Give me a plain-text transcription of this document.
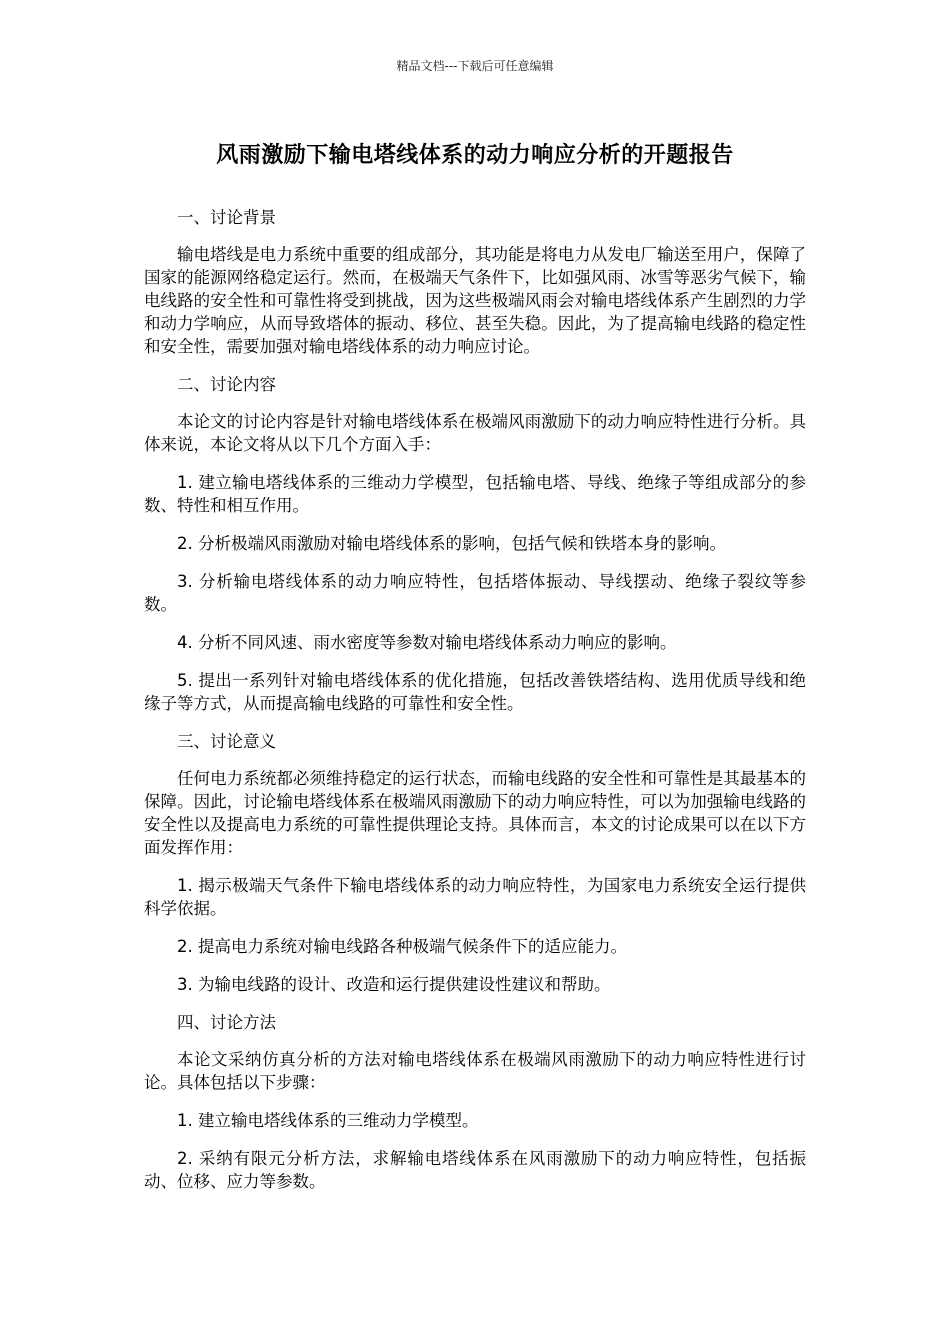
精品文档---下载后可任意编辑
风雨激励下输电塔线体系的动力响应分析的开题报告

一、讨论背景

输电塔线是电力系统中重要的组成部分，其功能是将电力从发电厂输送至用户，保障了国家的能源网络稳定运行。然而，在极端天气条件下，比如强风雨、冰雪等恶劣气候下，输电线路的安全性和可靠性将受到挑战，因为这些极端风雨会对输电塔线体系产生剧烈的力学和动力学响应，从而导致塔体的振动、移位、甚至失稳。因此，为了提高输电线路的稳定性和安全性，需要加强对输电塔线体系的动力响应讨论。

二、讨论内容

本论文的讨论内容是针对输电塔线体系在极端风雨激励下的动力响应特性进行分析。具体来说，本论文将从以下几个方面入手：

1. 建立输电塔线体系的三维动力学模型，包括输电塔、导线、绝缘子等组成部分的参数、特性和相互作用。

2. 分析极端风雨激励对输电塔线体系的影响，包括气候和铁塔本身的影响。

3. 分析输电塔线体系的动力响应特性，包括塔体振动、导线摆动、绝缘子裂纹等参数。

4. 分析不同风速、雨水密度等参数对输电塔线体系动力响应的影响。

5. 提出一系列针对输电塔线体系的优化措施，包括改善铁塔结构、选用优质导线和绝缘子等方式，从而提高输电线路的可靠性和安全性。

三、讨论意义

任何电力系统都必须维持稳定的运行状态，而输电线路的安全性和可靠性是其最基本的保障。因此，讨论输电塔线体系在极端风雨激励下的动力响应特性，可以为加强输电线路的安全性以及提高电力系统的可靠性提供理论支持。具体而言，本文的讨论成果可以在以下方面发挥作用：

1. 揭示极端天气条件下输电塔线体系的动力响应特性，为国家电力系统安全运行提供科学依据。

2. 提高电力系统对输电线路各种极端气候条件下的适应能力。

3. 为输电线路的设计、改造和运行提供建设性建议和帮助。

四、讨论方法

本论文采纳仿真分析的方法对输电塔线体系在极端风雨激励下的动力响应特性进行讨论。具体包括以下步骤：

1. 建立输电塔线体系的三维动力学模型。

2. 采纳有限元分析方法，求解输电塔线体系在风雨激励下的动力响应特性，包括振动、位移、应力等参数。
